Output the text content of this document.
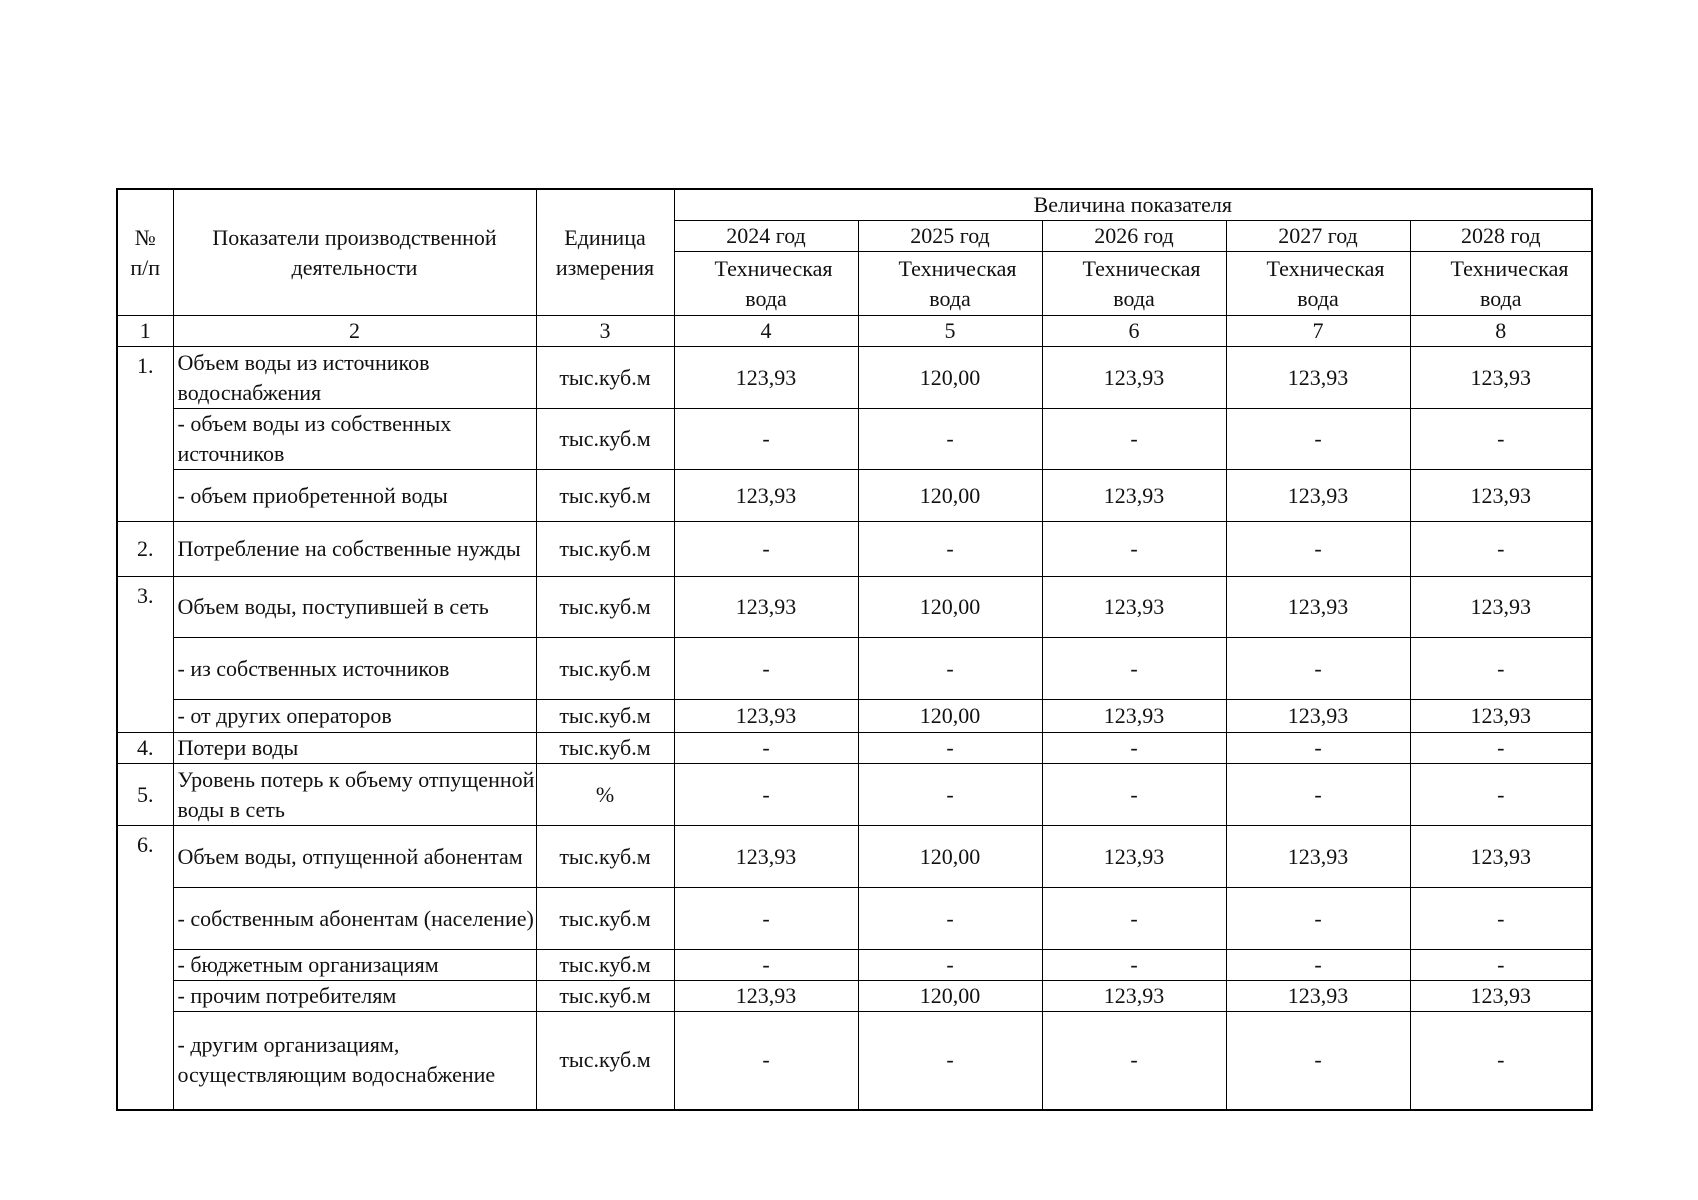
№ п/п	Показатели производственной деятельности	Единица измерения	Величина показателя				
			2024 год	2025 год	2026 год	2027 год	2028 год
			Техническая вода	Техническая вода	Техническая вода	Техническая вода	Техническая вода
1	2	3	4	5	6	7	8
1.	Объем воды из источников водоснабжения	тыс.куб.м	123,93	120,00	123,93	123,93	123,93
	- объем воды из собственных источников	тыс.куб.м	-	-	-	-	-
	- объем приобретенной воды	тыс.куб.м	123,93	120,00	123,93	123,93	123,93
2.	Потребление на собственные нужды	тыс.куб.м	-	-	-	-	-
3.	Объем воды, поступившей в сеть	тыс.куб.м	123,93	120,00	123,93	123,93	123,93
	- из собственных источников	тыс.куб.м	-	-	-	-	-
	- от других операторов	тыс.куб.м	123,93	120,00	123,93	123,93	123,93
4.	Потери воды	тыс.куб.м	-	-	-	-	-
5.	Уровень потерь к объему отпущенной воды в сеть	%	-	-	-	-	-
6.	Объем воды, отпущенной абонентам	тыс.куб.м	123,93	120,00	123,93	123,93	123,93
	- собственным абонентам (население)	тыс.куб.м	-	-	-	-	-
	- бюджетным организациям	тыс.куб.м	-	-	-	-	-
	- прочим потребителям	тыс.куб.м	123,93	120,00	123,93	123,93	123,93
	- другим организациям, осуществляющим водоснабжение	тыс.куб.м	-	-	-	-	-
